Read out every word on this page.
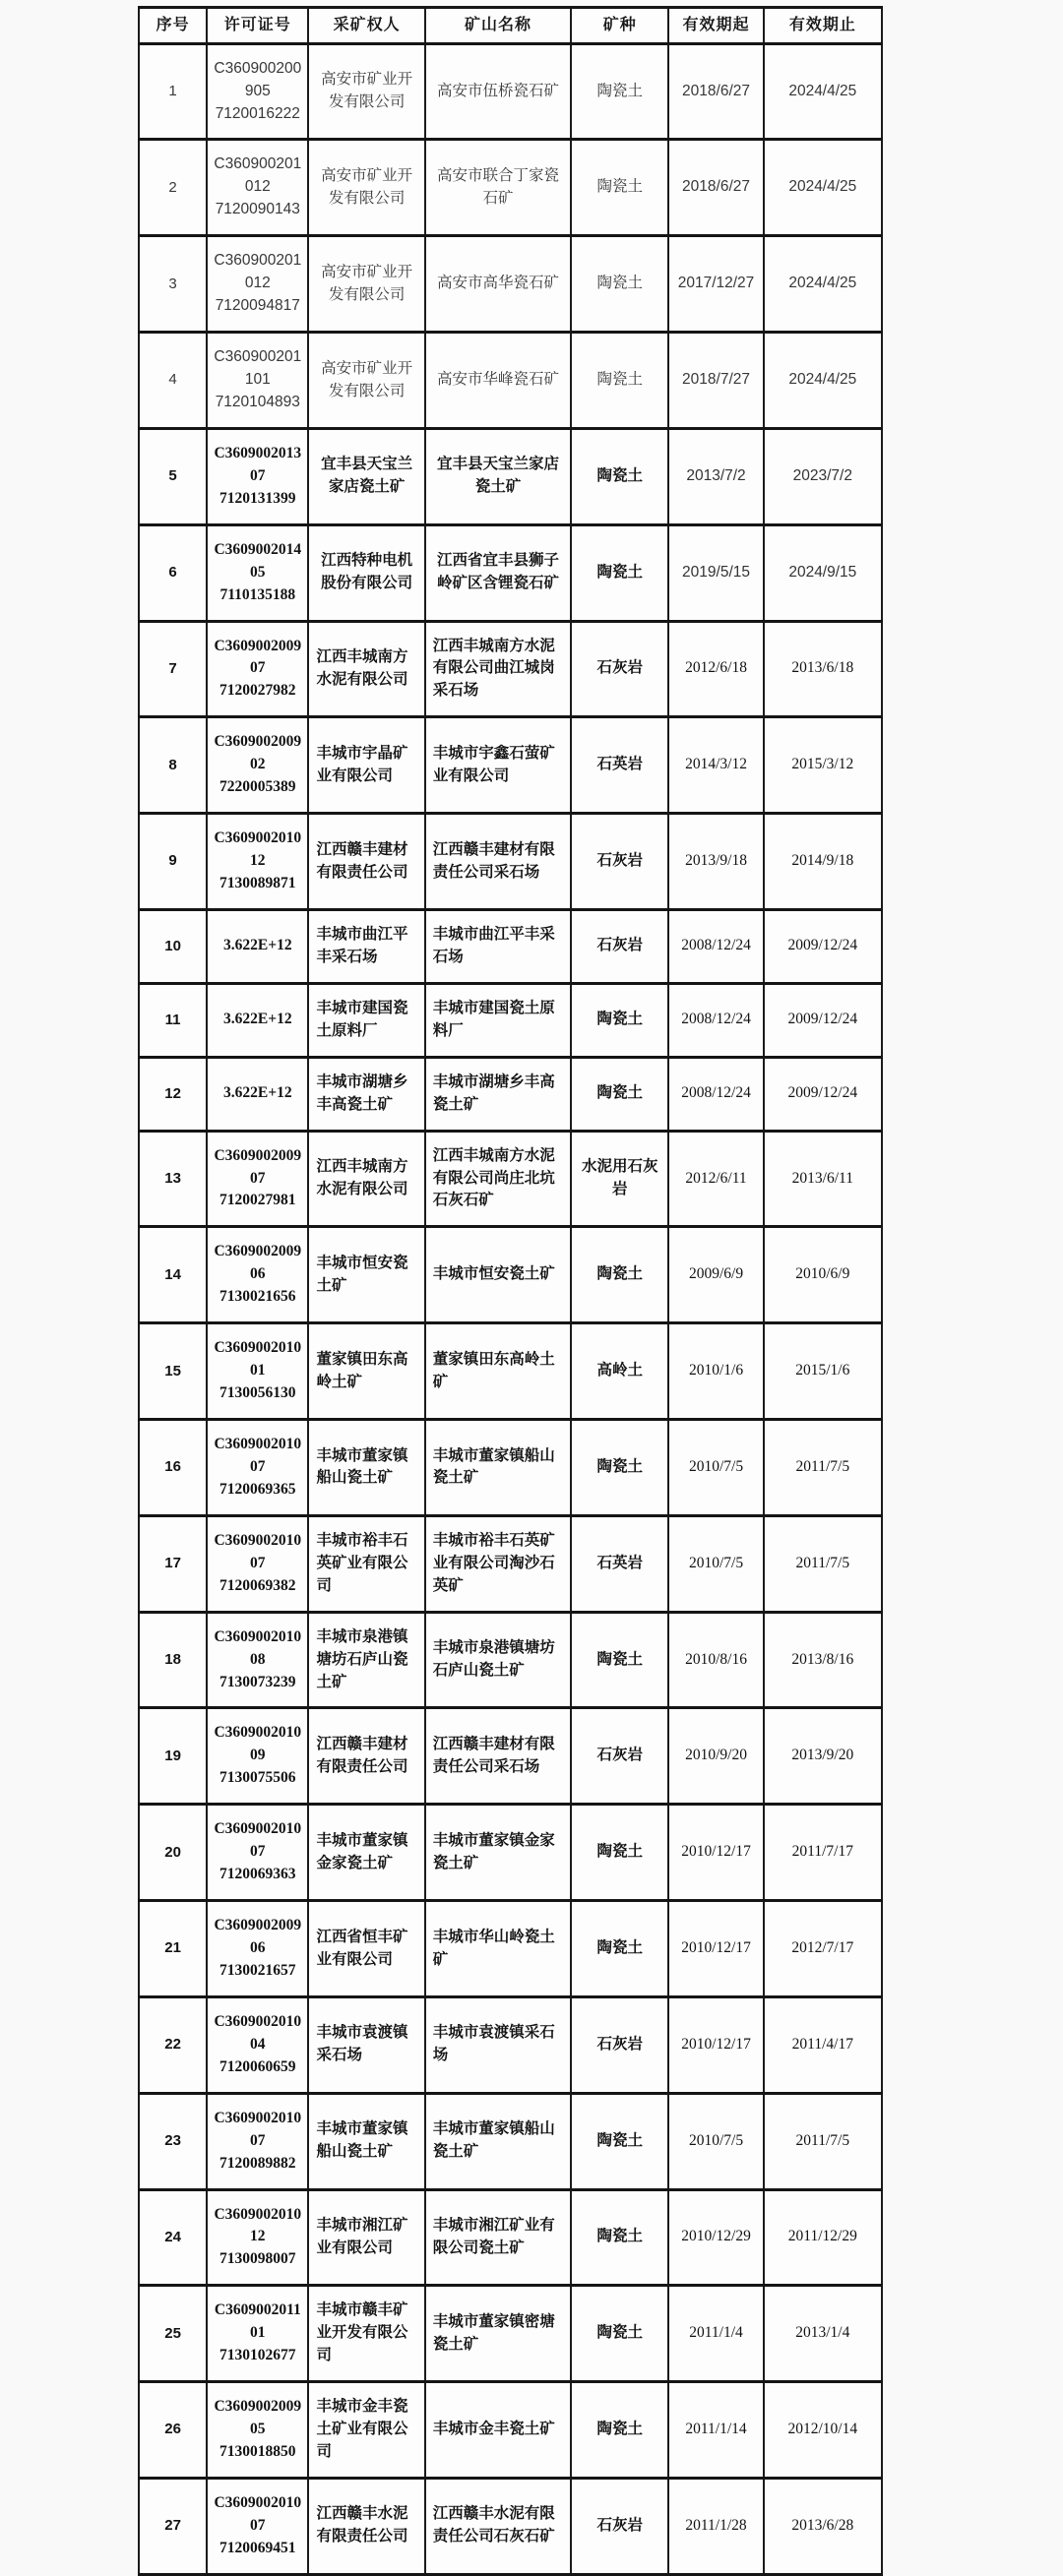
序号	许可证号	采矿权人	矿山名称	矿种	有效期起	有效期止
1	C360900200905 7120016222	高安市矿业开发有限公司	高安市伍桥瓷石矿	陶瓷土	2018/6/27	2024/4/25
2	C360900201012 7120090143	高安市矿业开发有限公司	高安市联合丁家瓷石矿	陶瓷土	2018/6/27	2024/4/25
3	C360900201012 7120094817	高安市矿业开发有限公司	高安市高华瓷石矿	陶瓷土	2017/12/27	2024/4/25
4	C360900201101 7120104893	高安市矿业开发有限公司	高安市华峰瓷石矿	陶瓷土	2018/7/27	2024/4/25
5	C360900201307 7120131399	宜丰县天宝兰家店瓷土矿	宜丰县天宝兰家店瓷土矿	陶瓷土	2013/7/2	2023/7/2
6	C360900201405 7110135188	江西特种电机股份有限公司	江西省宜丰县狮子岭矿区含锂瓷石矿	陶瓷土	2019/5/15	2024/9/15
7	C360900200907 7120027982	江西丰城南方水泥有限公司	江西丰城南方水泥有限公司曲江城岗采石场	石灰岩	2012/6/18	2013/6/18
8	C360900200902 7220005389	丰城市宇晶矿业有限公司	丰城市宇鑫石萤矿业有限公司	石英岩	2014/3/12	2015/3/12
9	C360900201012 7130089871	江西赣丰建材有限责任公司	江西赣丰建材有限责任公司采石场	石灰岩	2013/9/18	2014/9/18
10	3.622E+12	丰城市曲江平丰采石场	丰城市曲江平丰采石场	石灰岩	2008/12/24	2009/12/24
11	3.622E+12	丰城市建国瓷土原料厂	丰城市建国瓷土原料厂	陶瓷土	2008/12/24	2009/12/24
12	3.622E+12	丰城市湖塘乡丰高瓷土矿	丰城市湖塘乡丰高瓷土矿	陶瓷土	2008/12/24	2009/12/24
13	C360900200907 7120027981	江西丰城南方水泥有限公司	江西丰城南方水泥有限公司尚庄北坑石灰石矿	水泥用石灰岩	2012/6/11	2013/6/11
14	C360900200906 7130021656	丰城市恒安瓷土矿	丰城市恒安瓷土矿	陶瓷土	2009/6/9	2010/6/9
15	C360900201001 7130056130	董家镇田东高岭土矿	董家镇田东高岭土矿	高岭土	2010/1/6	2015/1/6
16	C360900201007 7120069365	丰城市董家镇船山瓷土矿	丰城市董家镇船山瓷土矿	陶瓷土	2010/7/5	2011/7/5
17	C360900201007 7120069382	丰城市裕丰石英矿业有限公司	丰城市裕丰石英矿业有限公司淘沙石英矿	石英岩	2010/7/5	2011/7/5
18	C360900201008 7130073239	丰城市泉港镇塘坊石庐山瓷土矿	丰城市泉港镇塘坊石庐山瓷土矿	陶瓷土	2010/8/16	2013/8/16
19	C360900201009 7130075506	江西赣丰建材有限责任公司	江西赣丰建材有限责任公司采石场	石灰岩	2010/9/20	2013/9/20
20	C360900201007 7120069363	丰城市董家镇金家瓷土矿	丰城市董家镇金家瓷土矿	陶瓷土	2010/12/17	2011/7/17
21	C360900200906 7130021657	江西省恒丰矿业有限公司	丰城市华山岭瓷土矿	陶瓷土	2010/12/17	2012/7/17
22	C360900201004 7120060659	丰城市袁渡镇采石场	丰城市袁渡镇采石场	石灰岩	2010/12/17	2011/4/17
23	C360900201007 7120089882	丰城市董家镇船山瓷土矿	丰城市董家镇船山瓷土矿	陶瓷土	2010/7/5	2011/7/5
24	C360900201012 7130098007	丰城市湘江矿业有限公司	丰城市湘江矿业有限公司瓷土矿	陶瓷土	2010/12/29	2011/12/29
25	C360900201101 7130102677	丰城市赣丰矿业开发有限公司	丰城市董家镇密塘瓷土矿	陶瓷土	2011/1/4	2013/1/4
26	C360900200905 7130018850	丰城市金丰瓷土矿业有限公司	丰城市金丰瓷土矿	陶瓷土	2011/1/14	2012/10/14
27	C360900201007 7120069451	江西赣丰水泥有限责任公司	江西赣丰水泥有限责任公司石灰石矿	石灰岩	2011/1/28	2013/6/28
